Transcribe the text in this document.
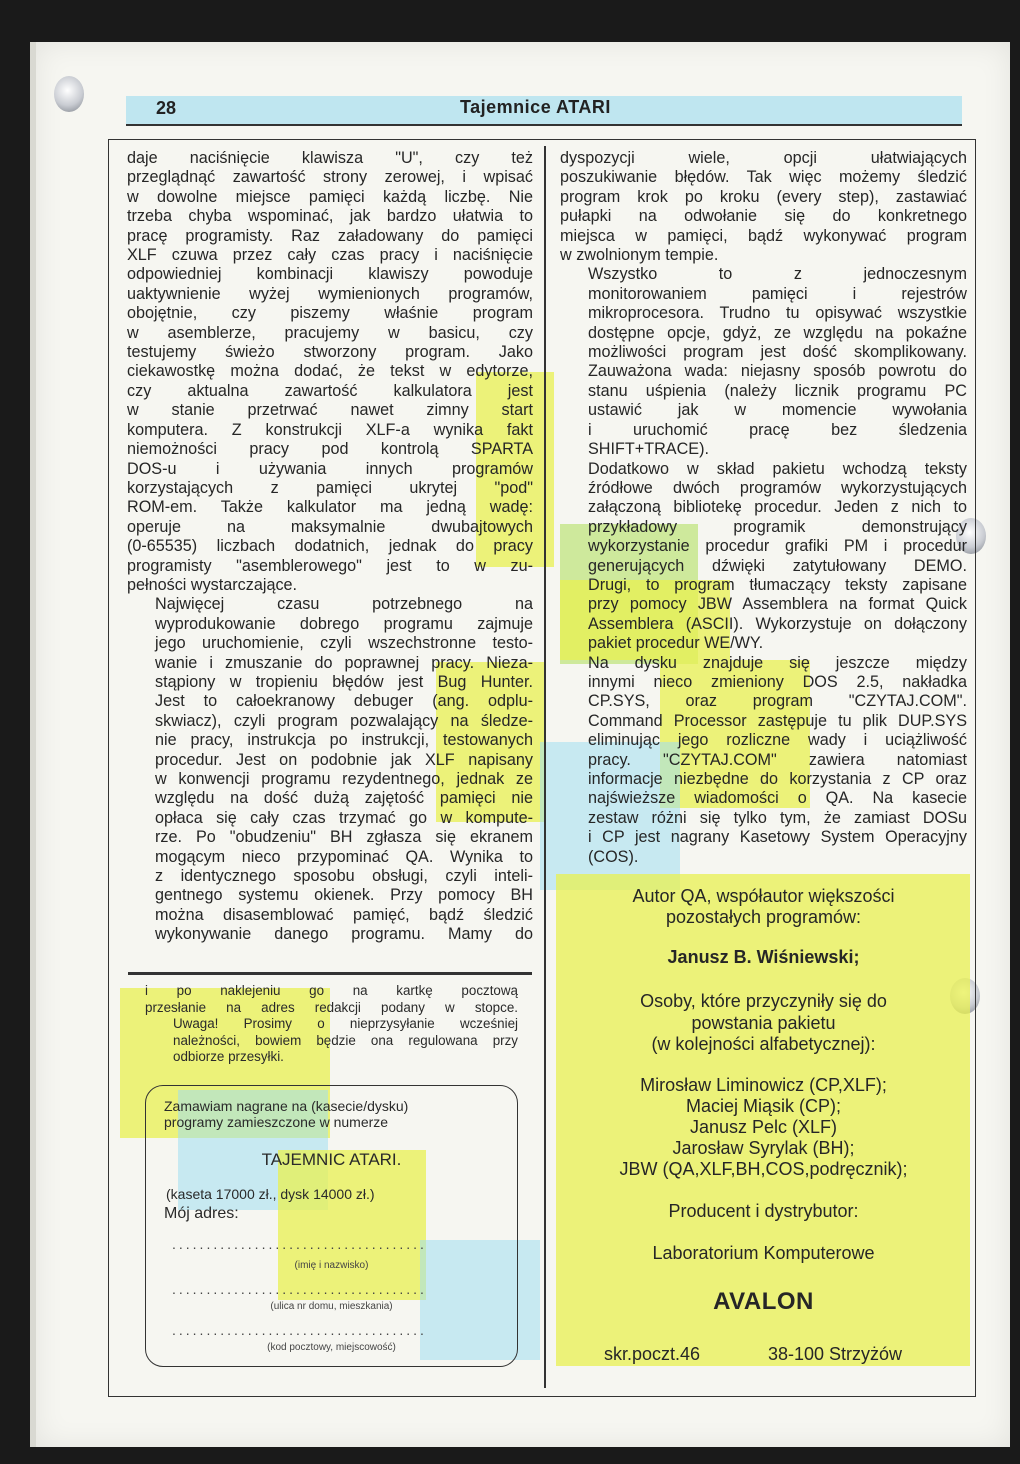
28	Tajemnice ATARI

daje naciśnięcie klawisza "U", czy też
przeglądnąć zawartość strony zerowej, i wpisać
w dowolne miejsce pamięci każdą liczbę. Nie
trzeba chyba wspominać, jak bardzo ułatwia to
pracę programisty. Raz załadowany do pamięci
XLF czuwa przez cały czas pracy i naciśnięcie
odpowiedniej kombinacji klawiszy powoduje
uaktywnienie wyżej wymienionych programów,
obojętnie, czy piszemy właśnie program
w asemblerze, pracujemy w basicu, czy
testujemy świeżo stworzony program. Jako
ciekawostkę można dodać, że tekst w edytorze,
czy aktualna zawartość kalkulatora jest
w stanie przetrwać nawet zimny start
komputera. Z konstrukcji XLF-a wynika fakt
niemożności pracy pod kontrolą SPARTA
DOS-u i używania innych programów
korzystających z pamięci ukrytej "pod"
ROM-em. Także kalkulator ma jedną wadę:
operuje na maksymalnie dwubajtowych
(0-65535) liczbach dodatnich, jednak do pracy
programisty "asemblerowego" jest to w zu-
pełności wystarczające.

Najwięcej czasu potrzebnego na
wyprodukowanie dobrego programu zajmuje
jego uruchomienie, czyli wszechstronne testo-
wanie i zmuszanie do poprawnej pracy. Nieza-
stąpiony w tropieniu błędów jest Bug Hunter.
Jest to całoekranowy debuger (ang. odplu-
skwiacz), czyli program pozwalający na śledze-
nie pracy, instrukcja po instrukcji, testowanych
procedur. Jest on podobnie jak XLF napisany
w konwencji programu rezydentnego, jednak ze
względu na dość dużą zajętość pamięci nie
opłaca się cały czas trzymać go w kompute-
rze. Po "obudzeniu" BH zgłasza się ekranem
mogącym nieco przypominać QA. Wynika to
z identycznego sposobu obsługi, czyli inteli-
gentnego systemu okienek. Przy pomocy BH
można disasemblować pamięć, bądź śledzić
wykonywanie danego programu. Mamy do

dyspozycji wiele, opcji ułatwiających
poszukiwanie błędów. Tak więc możemy śledzić
program krok po kroku (every step), zastawiać
pułapki na odwołanie się do konkretnego
miejsca w pamięci, bądź wykonywać program
w zwolnionym tempie.

Wszystko to z jednoczesnym
monitorowaniem pamięci i rejestrów
mikroprocesora. Trudno tu opisywać wszystkie
dostępne opcje, gdyż, ze względu na pokaźne
możliwości program jest dość skomplikowany.
Zauważona wada: niejasny sposób powrotu do
stanu uśpienia (należy licznik programu PC
ustawić jak w momencie wywołania
i uruchomić pracę bez śledzenia
SHIFT+TRACE).

Dodatkowo w skład pakietu wchodzą teksty
źródłowe dwóch programów wykorzystujących
załączoną bibliotekę procedur. Jeden z nich to
przykładowy programik demonstrujący
wykorzystanie procedur grafiki PM i procedur
generujących dźwięki zatytułowany DEMO.
Drugi, to program tłumaczący teksty zapisane
przy pomocy JBW Assemblera na format Quick
Assemblera (ASCII). Wykorzystuje on dołączony
pakiet procedur WE/WY.

Na dysku znajduje się jeszcze między
innymi nieco zmieniony DOS 2.5, nakładka
CP.SYS, oraz program "CZYTAJ.COM".
Command Processor zastępuje tu plik DUP.SYS
eliminując jego rozliczne wady i uciążliwość
pracy. "CZYTAJ.COM" zawiera natomiast
informacje niezbędne do korzystania z CP oraz
najświeższe wiadomości o QA. Na kasecie
zestaw różni się tylko tym, że zamiast DOSu
i CP jest nagrany Kasetowy System Operacyjny
(COS).

i po naklejeniu go na kartkę pocztową
przesłanie na adres redakcji podany w stopce.

Uwaga! Prosimy o nieprzysyłanie wcześniej
należności, bowiem będzie ona regulowana przy
odbiorze przesyłki.

Zamawiam nagrane na (kasecie/dysku)
programy zamieszczone w numerze
TAJEMNIC ATARI.
(kaseta 17000 zł., dysk 14000 zł.)
Mój adres:
.....................................
(imię i nazwisko)
.....................................
(ulica nr domu, mieszkania)
.....................................
(kod pocztowy, miejscowość)
Autor QA, współautor większości
pozostałych programów:
Janusz B. Wiśniewski;
Osoby, które przyczyniły się do
powstania pakietu
(w kolejności alfabetycznej):
Mirosław Liminowicz (CP,XLF);
Maciej Miąsik (CP);
Janusz Pelc (XLF)
Jarosław Syrylak (BH);
JBW (QA,XLF,BH,COS,podręcznik);
Producent i dystrybutor:
Laboratorium Komputerowe
AVALON
skr.poczt.46	38-100 Strzyżów
